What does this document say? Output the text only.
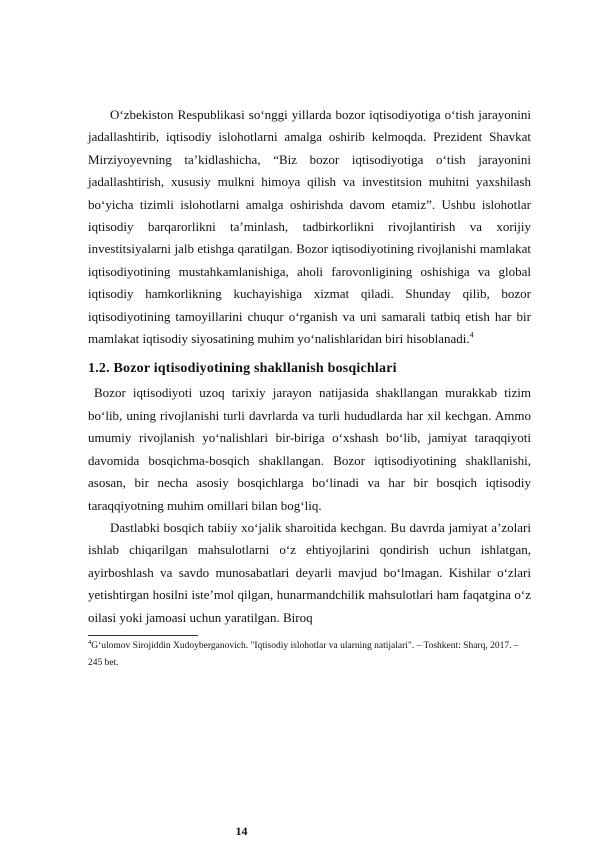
O‘zbekiston Respublikasi so‘nggi yillarda bozor iqtisodiyotiga o‘tish jarayonini jadallashtirib, iqtisodiy islohotlarni amalga oshirib kelmoqda. Prezident Shavkat Mirziyoyevning ta’kidlashicha, “Biz bozor iqtisodiyotiga o‘tish jarayonini jadallashtirish, xususiy mulkni himoya qilish va investitsion muhitni yaxshilash bo‘yicha tizimli islohotlarni amalga oshirishda davom etamiz”. Ushbu islohotlar iqtisodiy barqarorlikni ta’minlash, tadbirkorlikni rivojlantirish va xorijiy investitsiyalarni jalb etishga qaratilgan. Bozor iqtisodiyotining rivojlanishi mamlakat iqtisodiyotining mustahkamlanishiga, aholi farovonligining oshishiga va global iqtisodiy hamkorlikning kuchayishiga xizmat qiladi. Shunday qilib, bozor iqtisodiyotining tamoyillarini chuqur o‘rganish va uni samarali tatbiq etish har bir mamlakat iqtisodiy siyosatining muhim yo‘nalishlaridan biri hisoblanadi.$^4$

1.2. Bozor iqtisodiyotining shakllanish bosqichlari

Bozor iqtisodiyoti uzoq tarixiy jarayon natijasida shakllangan murakkab tizim bo‘lib, uning rivojlanishi turli davrlarda va turli hududlarda har xil kechgan. Ammo umumiy rivojlanish yo‘nalishlari bir-biriga o‘xshash bo‘lib, jamiyat taraqqiyoti davomida bosqichma-bosqich shakllangan. Bozor iqtisodiyotining shakllanishi, asosan, bir necha asosiy bosqichlarga bo‘linadi va har bir bosqich iqtisodiy taraqqiyotning muhim omillari bilan bog‘liq.

Dastlabki bosqich tabiiy xo‘jalik sharoitida kechgan. Bu davrda jamiyat a’zolari ishlab chiqarilgan mahsulotlarni o‘z ehtiyojlarini qondirish uchun ishlatgan, ayirboshlash va savdo munosabatlari deyarli mavjud bo‘lmagan. Kishilar o‘zlari yetishtirgan hosilni iste’mol qilgan, hunarmandchilik mahsulotlari ham faqatgina o‘z oilasi yoki jamoasi uchun yaratilgan. Biroq

$^4$G‘ulomov Sirojiddin Xudoyberganovich. "Iqtisodiy islohotlar va ularning natijalari". – Toshkent: Sharq, 2017. – 245 bet.

14
